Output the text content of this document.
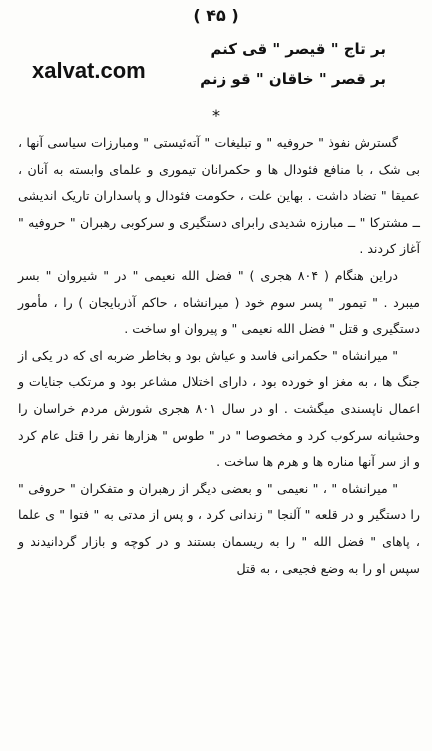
( ۴۵ )
xalvat.com
بر تاج " قیصر " قی کنم
بر قصر " خاقان " قو زنم
*

گسترش نفوذ " حروفیه " و تبلیغات " آتەئیستی " ومبارزات سیاسی آنها ، بی شک ، با منافع فئودال ها و حکمرانان تیموری و علمای وابسته به آنان ، عمیقا " تضاد داشت . بهاین علت ، حکومت فئودال و پاسداران تاریک اندیشی ــ مشترکا " ــ مبارزه شدیدی رابرای دستگیری و سرکوبی رهبران " حروفیه " آغاز کردند .

دراین هنگام ( ۸۰۴ هجری ) " فضل الله نعیمی " در " شیروان " بسر میبرد . " تیمور " پسر سوم خود ( میرانشاه ، حاکم آذربایجان ) را ، مأمور دستگیری و قتل " فضل الله نعیمی " و پیروان او ساخت .

" میرانشاه " حکمرانی فاسد و عیاش بود و بخاطر ضربه ای که در یکی از جنگ ها ، به مغز او خورده بود ، دارای اختلال مشاعر بود و مرتکب جنایات و اعمال ناپسندی میگشت . او در سال ۸۰۱ هجری شورش مردم خراسان را وحشیانه سرکوب کرد و مخصوصا " در " طوس " هزارها نفر را قتل عام کرد و از سر آنها مناره ها و هرم ها ساخت .

" میرانشاه " ، " نعیمی " و بعضی دیگر از رهبران و متفکران " حروفی " را دستگیر و در قلعه " آلنجا " زندانی کرد ، و پس از مدتی به " فتوا " ی علما ، پاهای " فضل الله " را به ریسمان بستند و در کوچه و بازار گردانیدند و سپس او را به وضع فجیعی ، به قتل
